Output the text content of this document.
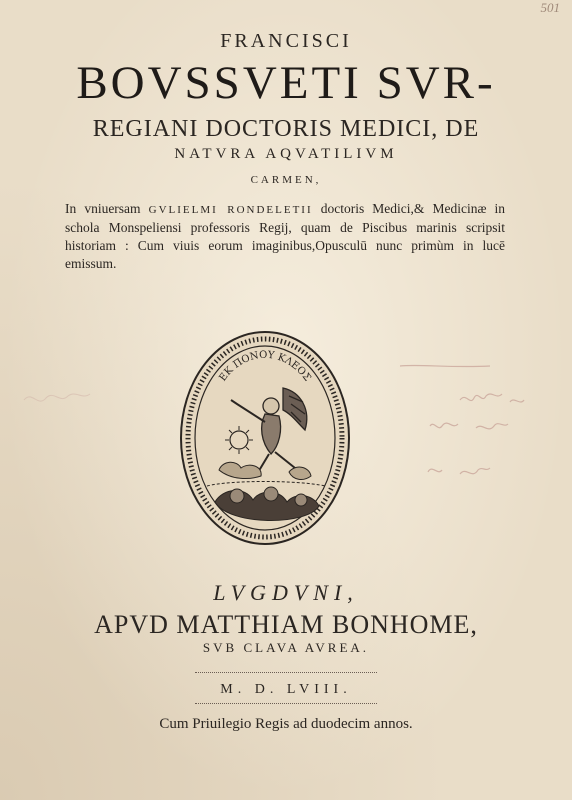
501
FRANCISCI
BOVSSVETI SVR-
REGIANI DOCTORIS MEDICI, DE
NATVRA AQVATILIVM
CARMEN,
In vniuersam GVLIELMI RONDELETII doctoris Medici,& Medicinæ in schola Monspeliensi professoris Regij, quam de Piscibus marinis scripsit historiam : Cum viuis eorum imaginibus,Opusculū nunc primùm in lucē emissum.
ΕΚ ΠΟΝΟΥ ΚΛΕΟΣ
LVGDVNI,
APVD MATTHIAM BONHOME,
SVB CLAVA AVREA.
M. D. LVIII.
Cum Priuilegio Regis ad duodecim annos.
